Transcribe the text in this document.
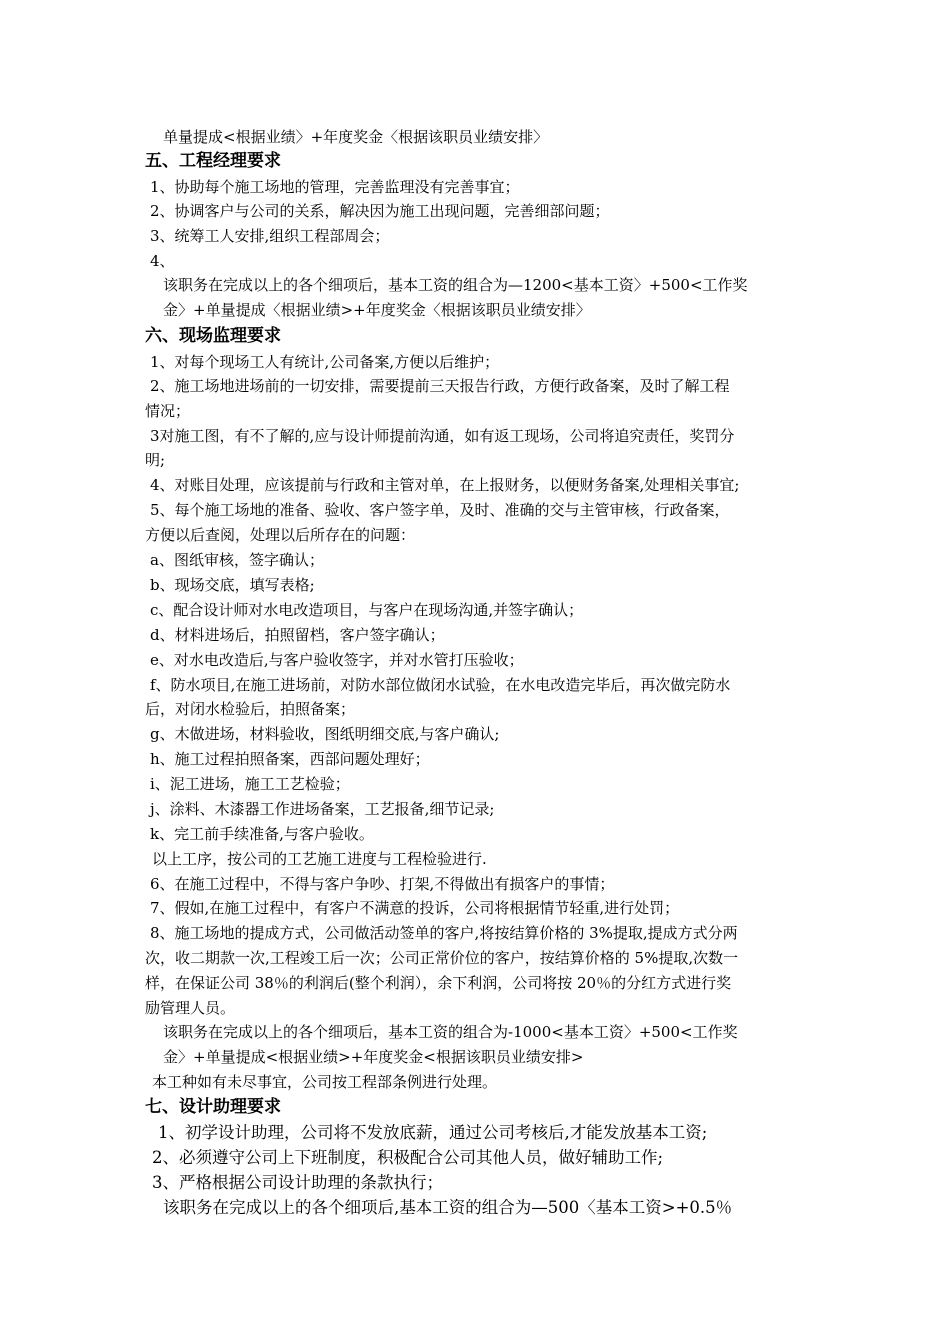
单量提成<根据业绩〉+年度奖金〈根据该职员业绩安排〉
五、工程经理要求
1、协助每个施工场地的管理，完善监理没有完善事宜；
2、协调客户与公司的关系，解决因为施工出现问题，完善细部问题；
3、统筹工人安排,组织工程部周会；
4、
该职务在完成以上的各个细项后，基本工资的组合为—1200<基本工资〉+500<工作奖
金〉+单量提成〈根据业绩>+年度奖金〈根据该职员业绩安排〉
六、现场监理要求
1、对每个现场工人有统计,公司备案,方便以后维护；
2、施工场地进场前的一切安排，需要提前三天报告行政，方便行政备案，及时了解工程
情况；
3对施工图，有不了解的,应与设计师提前沟通，如有返工现场，公司将追究责任，奖罚分
明;
4、对账目处理，应该提前与行政和主管对单，在上报财务，以便财务备案,处理相关事宜;
5、每个施工场地的准备、验收、客户签字单，及时、准确的交与主管审核，行政备案，
方便以后查阅，处理以后所存在的问题：
a、图纸审核，签字确认；
b、现场交底，填写表格;
c、配合设计师对水电改造项目，与客户在现场沟通,并签字确认；
d、材料进场后，拍照留档，客户签字确认；
e、对水电改造后,与客户验收签字，并对水管打压验收；
f、防水项目,在施工进场前，对防水部位做闭水试验，在水电改造完毕后，再次做完防水
后，对闭水检验后，拍照备案；
g、木做进场，材料验收，图纸明细交底,与客户确认;
h、施工过程拍照备案，西部问题处理好；
i、泥工进场，施工工艺检验；
j、涂料、木漆器工作进场备案，工艺报备,细节记录;
k、完工前手续准备,与客户验收。
以上工序，按公司的工艺施工进度与工程检验进行.
6、在施工过程中，不得与客户争吵、打架,不得做出有损客户的事情；
7、假如,在施工过程中，有客户不满意的投诉，公司将根据情节轻重,进行处罚；
8、施工场地的提成方式，公司做活动签单的客户,将按结算价格的 3%提取,提成方式分两
次，收二期款一次,工程竣工后一次；公司正常价位的客户，按结算价格的 5%提取,次数一
样，在保证公司 38％的利润后(整个利润），余下利润，公司将按 20％的分红方式进行奖
励管理人员。
该职务在完成以上的各个细项后，基本工资的组合为-1000<基本工资〉+500<工作奖
金〉+单量提成<根据业绩>+年度奖金<根据该职员业绩安排>
本工种如有未尽事宜，公司按工程部条例进行处理。
七、设计助理要求
1、初学设计助理，公司将不发放底薪，通过公司考核后,才能发放基本工资;
2、必须遵守公司上下班制度，积极配合公司其他人员，做好辅助工作;
3、严格根据公司设计助理的条款执行；
该职务在完成以上的各个细项后,基本工资的组合为—500〈基本工资>+0.5％
